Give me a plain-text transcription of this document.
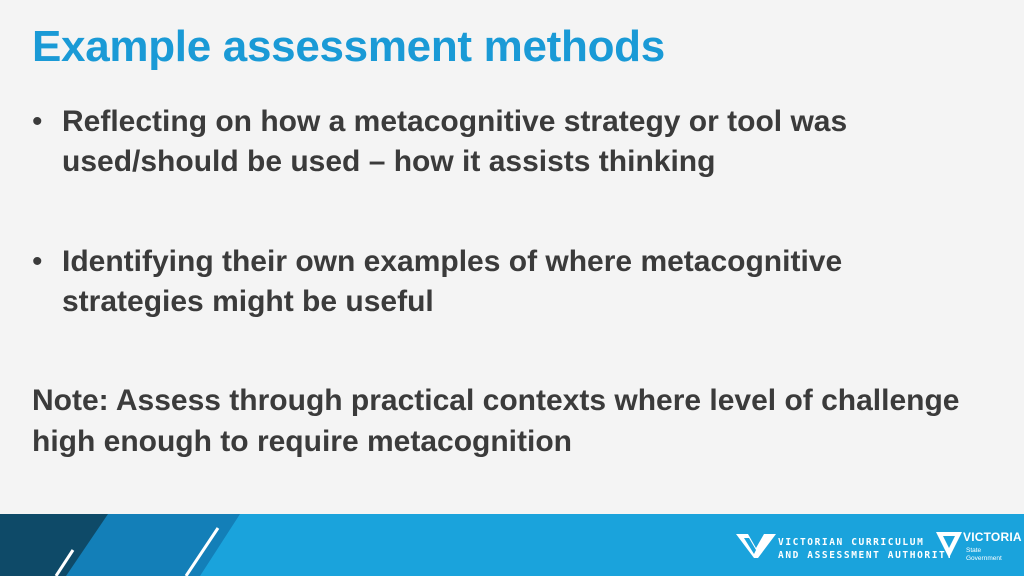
Example assessment methods
• Reflecting on how a metacognitive strategy or tool was used/should be used – how it assists thinking
• Identifying their own examples of where metacognitive strategies might be useful
Note: Assess through practical contexts where level of challenge high enough to require metacognition
VICTORIAN CURRICULUM
AND ASSESSMENT AUTHORITY
VICTORIA
State
Government
